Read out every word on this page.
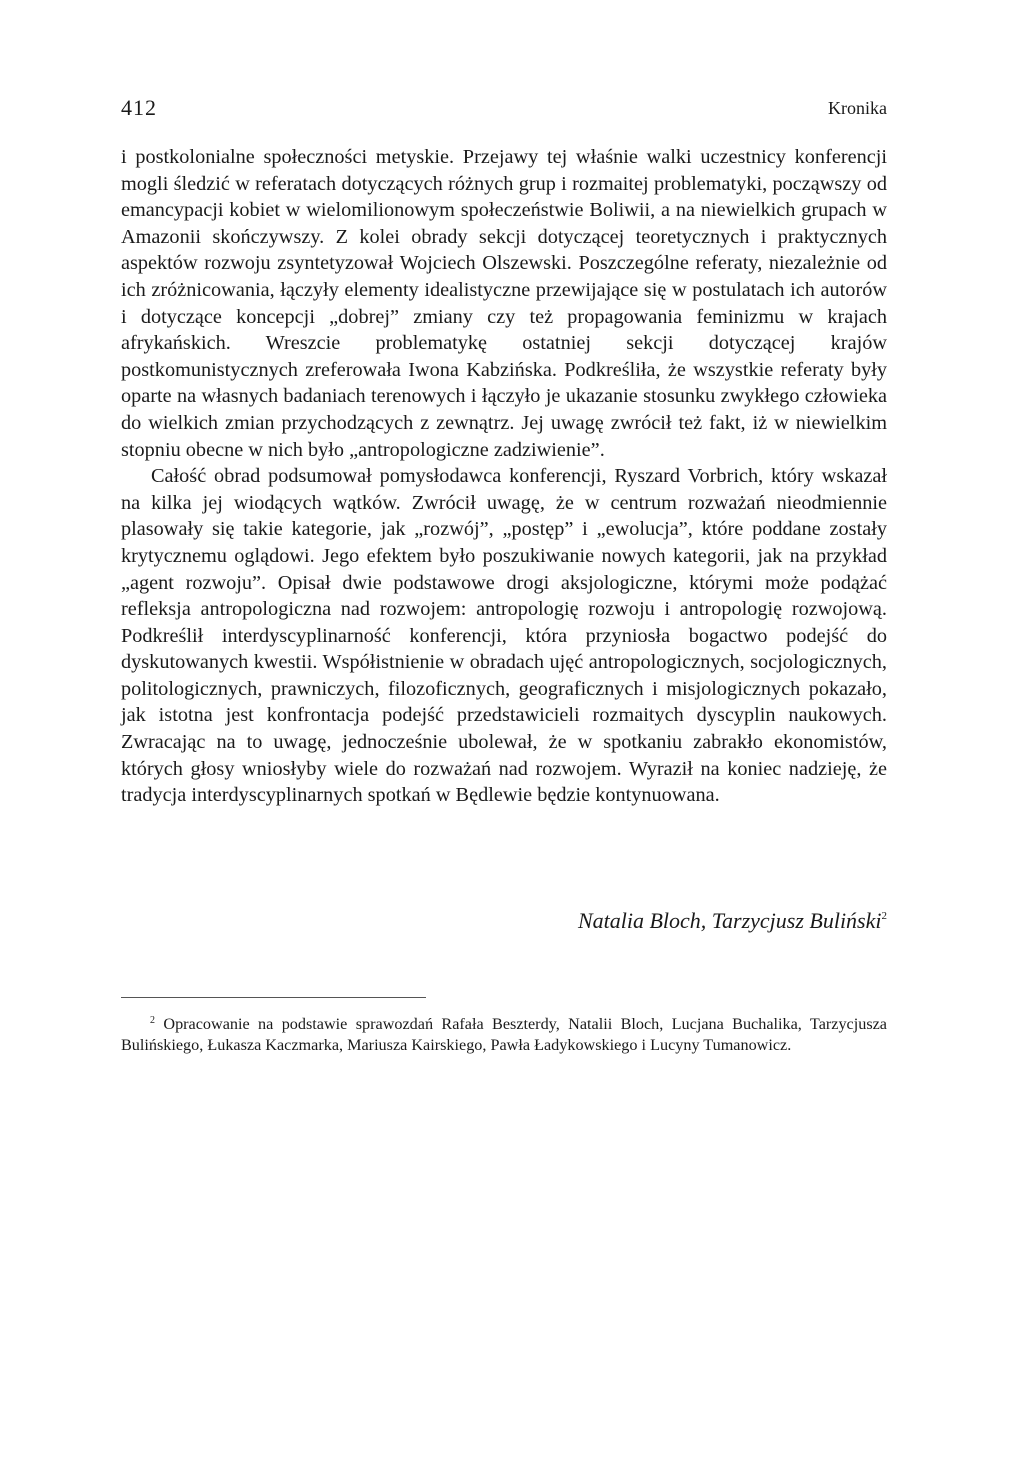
412	Kronika

i postkolonialne społeczności metyskie. Przejawy tej właśnie walki uczestnicy konferencji mogli śledzić w referatach dotyczących różnych grup i rozmaitej problematyki, począwszy od emancypacji kobiet w wielomilionowym społeczeństwie Boliwii, a na niewielkich grupach w Amazonii skończywszy. Z kolei obrady sekcji dotyczącej teoretycznych i praktycznych aspektów rozwoju zsyntetyzował Wojciech Olszewski. Poszczególne referaty, niezależnie od ich zróżnicowania, łączyły elementy idealistyczne przewijające się w postulatach ich autorów i dotyczące koncepcji „dobrej” zmiany czy też propagowania feminizmu w krajach afrykańskich. Wreszcie problematykę ostatniej sekcji dotyczącej krajów postkomunistycznych zreferowała Iwona Kabzińska. Podkreśliła, że wszystkie referaty były oparte na własnych badaniach terenowych i łączyło je ukazanie stosunku zwykłego człowieka do wielkich zmian przychodzących z zewnątrz. Jej uwagę zwrócił też fakt, iż w niewielkim stopniu obecne w nich było „antropologiczne zadziwienie”.

Całość obrad podsumował pomysłodawca konferencji, Ryszard Vorbrich, który wskazał na kilka jej wiodących wątków. Zwrócił uwagę, że w centrum rozważań nieodmiennie plasowały się takie kategorie, jak „rozwój”, „postęp” i „ewolucja”, które poddane zostały krytycznemu oglądowi. Jego efektem było poszukiwanie nowych kategorii, jak na przykład „agent rozwoju”. Opisał dwie podstawowe drogi aksjologiczne, którymi może podążać refleksja antropologiczna nad rozwojem: antropologię rozwoju i antropologię rozwojową. Podkreślił interdyscyplinarność konferencji, która przyniosła bogactwo podejść do dyskutowanych kwestii. Współistnienie w obradach ujęć antropologicznych, socjologicznych, politologicznych, prawniczych, filozoficznych, geograficznych i misjologicznych pokazało, jak istotna jest konfrontacja podejść przedstawicieli rozmaitych dyscyplin naukowych. Zwracając na to uwagę, jednocześnie ubolewał, że w spotkaniu zabrakło ekonomistów, których głosy wniosłyby wiele do rozważań nad rozwojem. Wyraził na koniec nadzieję, że tradycja interdyscyplinarnych spotkań w Będlewie będzie kontynuowana.

Natalia Bloch, Tarzycjusz Buliński$^2$

$^2$ Opracowanie na podstawie sprawozdań Rafała Beszterdy, Natalii Bloch, Lucjana Buchalika, Tarzycjusza Bulińskiego, Łukasza Kaczmarka, Mariusza Kairskiego, Pawła Ładykowskiego i Lucyny Tumanowicz.
